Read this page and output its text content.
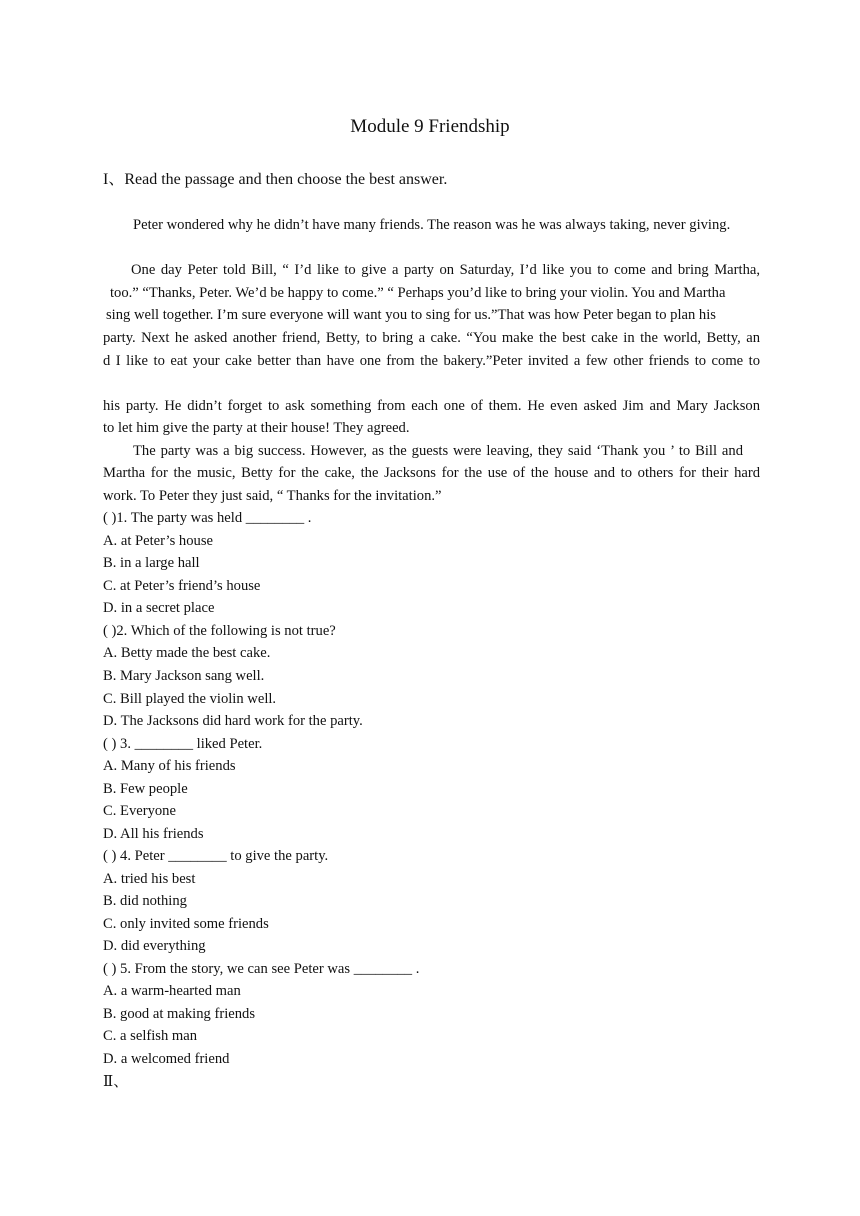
Module 9 Friendship
I、Read the passage and then choose the best answer.
Peter wondered why he didn’t have many friends. The reason was he was always taking, never giving.
One day Peter told Bill, “ I’d like to give a party on Saturday, I’d like you to come and bring Martha,
too.” “Thanks, Peter. We’d be happy to come.” “ Perhaps you’d like to bring your violin. You and Martha
sing well together. I’m sure everyone will want you to sing for us.”That was how Peter began to plan his
party. Next he asked another friend, Betty, to bring a cake. “You make the best cake in the world, Betty, an
d I like to eat your cake better than have one from the bakery.”Peter invited a few other friends to come to
his party. He didn’t forget to ask something from each one of them. He even asked Jim and Mary Jackson
to let him give the party at their house! They agreed.
The party was a big success. However, as the guests were leaving, they said ‘Thank you ’ to Bill and
Martha for the music, Betty for the cake, the Jacksons for the use of the house and to others for their hard
work. To Peter they just said, “ Thanks for the invitation.”
( )1. The party was held ________ .
A. at Peter’s house
B. in a large hall
C. at Peter’s friend’s house
D. in a secret place
( )2. Which of the following is not true?
A. Betty made the best cake.
B. Mary Jackson sang well.
C. Bill played the violin well.
D. The Jacksons did hard work for the party.
( ) 3. ________ liked Peter.
A. Many of his friends
B. Few people
C. Everyone
D. All his friends
( ) 4. Peter ________ to give the party.
A. tried his best
B. did nothing
C. only invited some friends
D. did everything
( ) 5. From the story, we can see Peter was ________ .
A. a warm-hearted man
B. good at making friends
C. a selfish man
D. a welcomed friend
Ⅱ、
